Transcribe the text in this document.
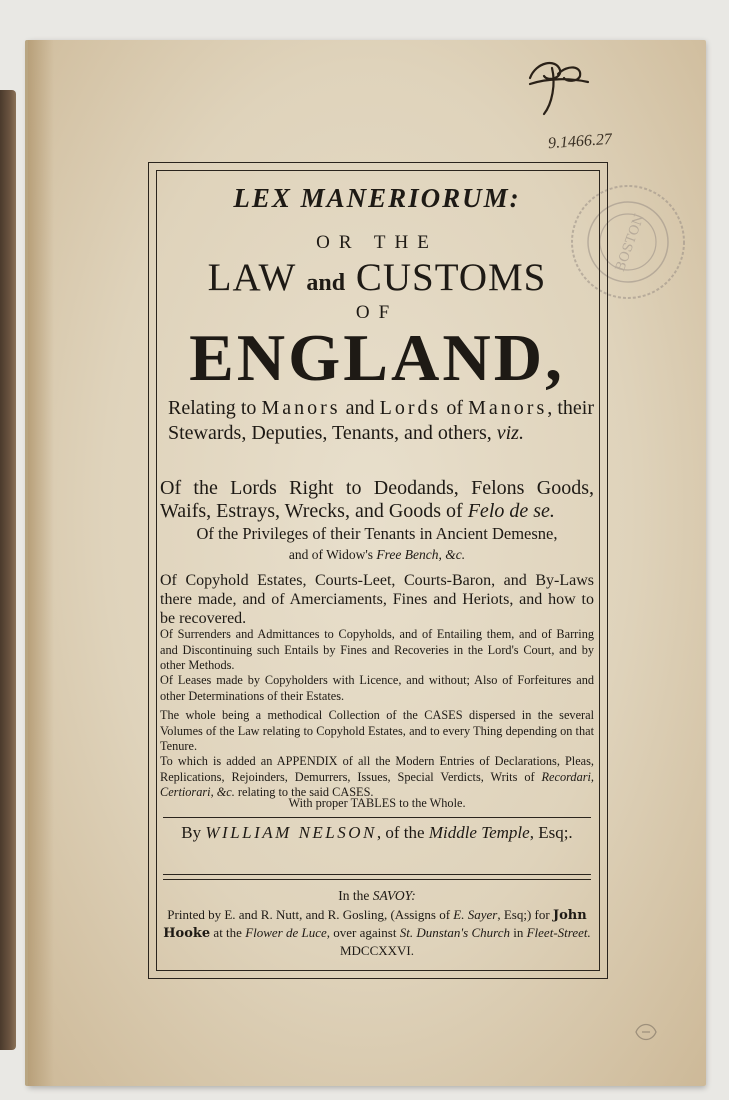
9.1466.27
BOSTON

LEX MANERIORUM:

OR THE

LAW and CUSTOMS

OF

ENGLAND,

Relating to Manors and Lords of Manors, their Stewards, Deputies, Tenants, and others, viz.

Of the Lords Right to Deodands, Felons Goods, Waifs, Estrays, Wrecks, and Goods of Felo de se.

Of the Privileges of their Tenants in Ancient Demesne,

and of Widow's Free Bench, &c.

Of Copyhold Estates, Courts-Leet, Courts-Baron, and By-Laws there made, and of Amerciaments, Fines and Heriots, and how to be recovered.

Of Surrenders and Admittances to Copyholds, and of Entailing them, and of Barring and Discontinuing such Entails by Fines and Recoveries in the Lord's Court, and by other Methods.

Of Leases made by Copyholders with Licence, and without; Also of Forfeitures and other Determinations of their Estates.

The whole being a methodical Collection of the CASES dispersed in the several Volumes of the Law relating to Copyhold Estates, and to every Thing depending on that Tenure.

To which is added an APPENDIX of all the Modern Entries of Declarations, Pleas, Replications, Rejoinders, Demurrers, Issues, Special Verdicts, Writs of Recordari, Certiorari, &c. relating to the said CASES.

With proper TABLES to the Whole.

By WILLIAM NELSON, of the Middle Temple, Esq;.

In the SAVOY:

Printed by E. and R. Nutt, and R. Gosling, (Assigns of E. Sayer, Esq;) for John Hooke at the Flower de Luce, over against St. Dunstan's Church in Fleet-Street. MDCCXXVI.
